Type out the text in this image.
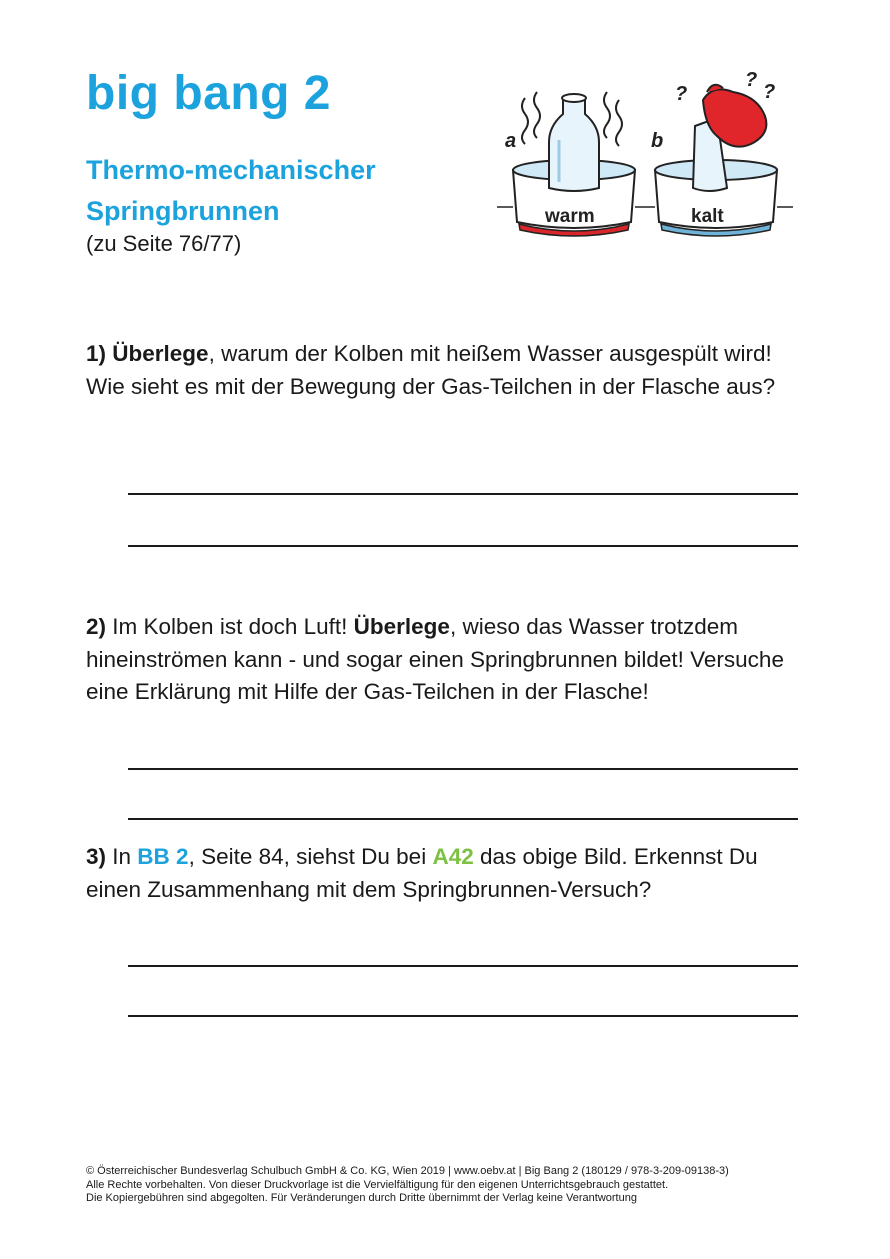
big bang 2
Thermo-mechanischer
Springbrunnen
(zu Seite 76/77)
a
warm
b
kalt
?
?
?

1) Überlege, warum der Kolben mit heißem Wasser ausgespült wird! Wie sieht es mit der Bewegung der Gas-Teilchen in der Flasche aus?

2) Im Kolben ist doch Luft! Überlege, wieso das Wasser trotzdem hineinströmen kann - und sogar einen Springbrunnen bildet! Versuche eine Erklärung mit Hilfe der Gas-Teilchen in der Flasche!

3) In BB 2, Seite 84, siehst Du bei A42 das obige Bild. Erkennst Du einen Zusammenhang mit dem Springbrunnen-Versuch?

© Österreichischer Bundesverlag Schulbuch GmbH & Co. KG, Wien 2019 | www.oebv.at | Big Bang 2 (180129 / 978-3-209-09138-3)
Alle Rechte vorbehalten. Von dieser Druckvorlage ist die Vervielfältigung für den eigenen Unterrichtsgebrauch gestattet.
Die Kopiergebühren sind abgegolten. Für Veränderungen durch Dritte übernimmt der Verlag keine Verantwortung
